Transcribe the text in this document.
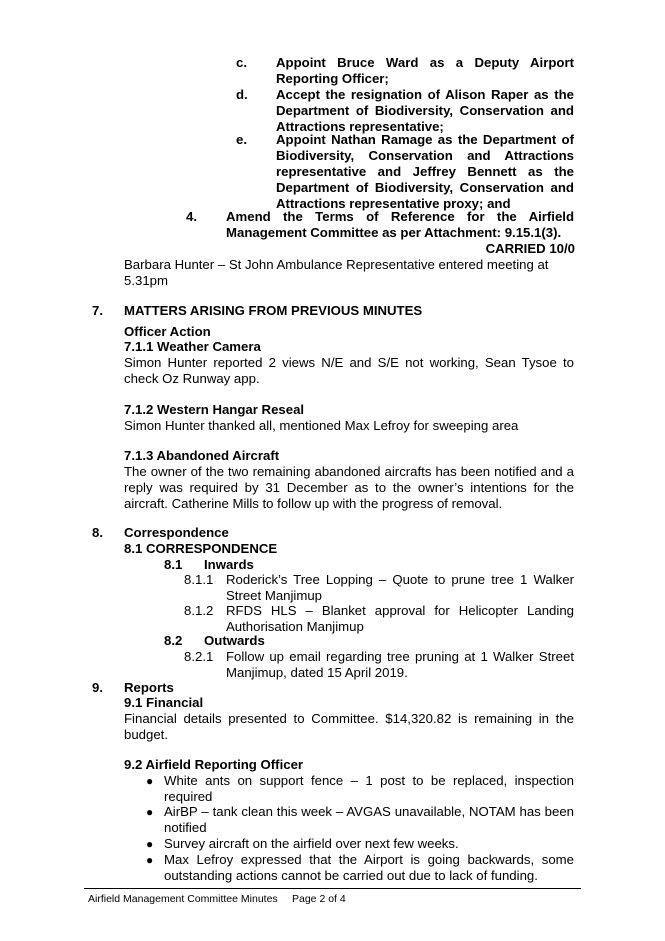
c. Appoint Bruce Ward as a Deputy Airport Reporting Officer;
d. Accept the resignation of Alison Raper as the Department of Biodiversity, Conservation and Attractions representative;
e. Appoint Nathan Ramage as the Department of Biodiversity, Conservation and Attractions representative and Jeffrey Bennett as the Department of Biodiversity, Conservation and Attractions representative proxy; and
4. Amend the Terms of Reference for the Airfield Management Committee as per Attachment: 9.15.1(3).
CARRIED 10/0
Barbara Hunter – St John Ambulance Representative entered meeting at 5.31pm
7. MATTERS ARISING FROM PREVIOUS MINUTES
Officer Action
7.1.1 Weather Camera
Simon Hunter reported 2 views N/E and S/E not working, Sean Tysoe to check Oz Runway app.
7.1.2 Western Hangar Reseal
Simon Hunter thanked all, mentioned Max Lefroy for sweeping area
7.1.3 Abandoned Aircraft
The owner of the two remaining abandoned aircrafts has been notified and a reply was required by 31 December as to the owner’s intentions for the aircraft. Catherine Mills to follow up with the progress of removal.
8. Correspondence
8.1 CORRESPONDENCE
8.1 Inwards
8.1.1 Roderick’s Tree Lopping – Quote to prune tree 1 Walker Street Manjimup
8.1.2 RFDS HLS – Blanket approval for Helicopter Landing Authorisation Manjimup
8.2 Outwards
8.2.1 Follow up email regarding tree pruning at 1 Walker Street Manjimup, dated 15 April 2019.
9. Reports
9.1 Financial
Financial details presented to Committee. $14,320.82 is remaining in the budget.
9.2 Airfield Reporting Officer
● White ants on support fence – 1 post to be replaced, inspection required
● AirBP – tank clean this week – AVGAS unavailable, NOTAM has been notified
● Survey aircraft on the airfield over next few weeks.
● Max Lefroy expressed that the Airport is going backwards, some outstanding actions cannot be carried out due to lack of funding.
Airfield Management Committee Minutes Page 2 of 4
